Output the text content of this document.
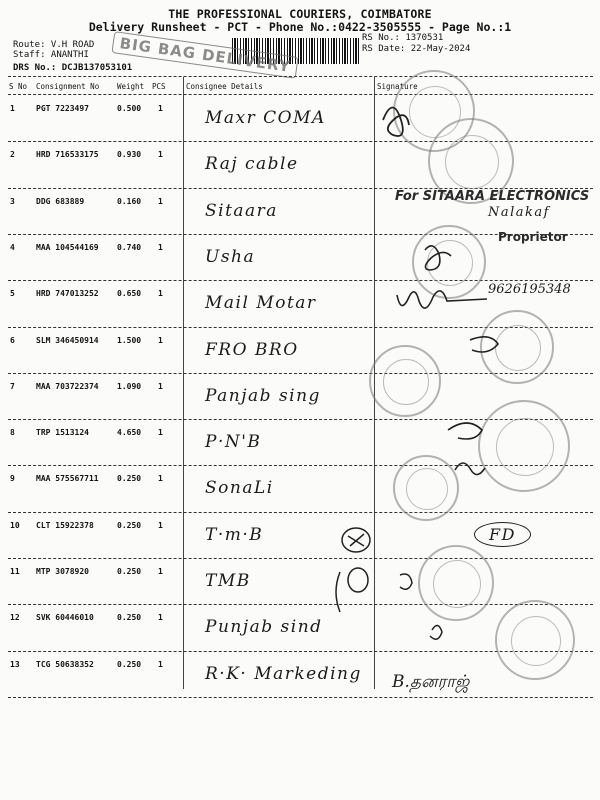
THE PROFESSIONAL COURIERS, COIMBATORE
Delivery Runsheet - PCT - Phone No.:0422-3505555 - Page No.:1
Route: V.H ROAD
Staff: ANANTHI
DRS No.: DCJB137053101
RS No.: 1370531
RS Date: 22-May-2024
BIG BAG DELIVERY
S No Consignment No Weight PCS	Consignee Details	Signature
1	PGT 7223497	0.500 1 Maxr COMA
2	HRD 716533175 0.930 1 Raj cable
3	DDG 683889	0.160 1 Sitaara
4	MAA 104544169 0.740 1 Usha
5	HRD 747013252 0.650 1 Mail Motar
6	SLM 346450914 1.500 1 FRO BRO
7	MAA 703722374 1.090 1 Panjab sing
8	TRP 1513124	4.650 1 P·N'B
9	MAA 575567711 0.250 1 SonaLi
10 CLT 15922378	0.250 1 T·m·B
11 MTP 3078920	0.250 1 TMB
12 SVK 60446010	0.250 1 Punjab sind
13 TCG 50638352	0.250 1 R·K· Markeding
For SITAARA ELECTRONICS
Proprietor
Nalakaf
9626195348
FD
B.தனராஜ்
